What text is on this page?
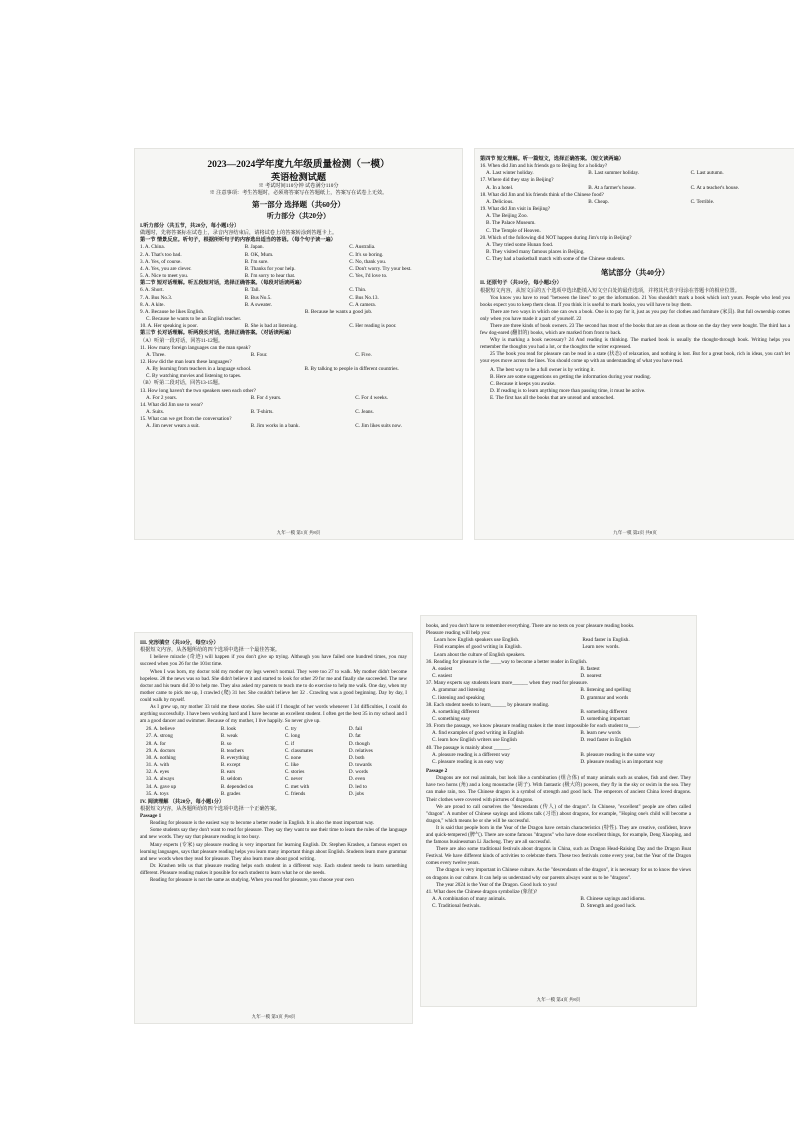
2023—2024学年度九年级质量检测（一模）
英语检测试题
※ 考试时间110分钟 试卷满分110分
※ 注意事项：考生答题时，必须将答案写在答题纸上，答案写在试卷上无效。
第一部分 选择题（共60分）
听力部分（共20分）
I.听力部分（共五节，共20分，每小题1分）
做题时，先将答案标在试卷上，录音内容结束后，请将试卷上的答案转涂到答题卡上。
第一节 情景反应。听句子，根据所听句子的内容选出适当的答语。（每个句子读一遍）
1. A. China.	B. Japan.	C. Australia.
2. A. That's too bad.	B. OK, Mum.	C. It's so boring.
3. A. Yes, of course.	B. I'm sure.	C. No, thank you.
4. A. Yes, you are clever.	B. Thanks for your help.	C. Don't worry. Try your best.
5. A. Nice to meet you.	B. I'm sorry to hear that.	C. Yes, I'd love to.
第二节 短对话理解。听五段短对话，选择正确答案。（每段对话读两遍）
6. A. Short.	B. Tall.	C. Thin.
7. A. Bus No.3.	B. Bus No.5.	C. Bus No.13.
8. A. A kite.	B. A sweater.	C. A camera.
9. A. Because he likes English.	B. Because he wants a good job.
C. Because he wants to be an English teacher.
10. A. Her speaking is poor.	B. She is bad at listening.	C. Her reading is poor.
第三节 长对话理解。听两段长对话，选择正确答案。（对话读两遍）
（A）听第一段对话，回答11-12题。
11. How many foreign languages can the man speak?
A. Three.	B. Four.	C. Five.
12. How did the man learn these languages?
A. By learning from teachers in a language school.	B. By talking to people in different countries.
C. By watching movies and listening to tapes.
（B）听第二段对话，回答13-15题。
13. How long haven't the two speakers seen each other?
A. For 2 years.	B. For 4 years.	C. For 4 weeks.
14. What did Jim use to wear?
A. Suits.	B. T-shirts.	C. Jeans.
15. What can we get from the conversation?
A. Jim never wears a suit.	B. Jim works in a bank.	C. Jim likes suits now.
九年一模 第1页 共8页
第四节 短文理解。听一篇短文，选择正确答案。（短文读两遍）
16. When did Jim and his friends go to Beijing for a holiday?
A. Last winter holiday.	B. Last summer holiday.	C. Last autumn.
17. Where did they stay in Beijing?
A. In a hotel.	B. At a farmer's house.	C. At a teacher's house.
18. What did Jim and his friends think of the Chinese food?
A. Delicious.	B. Cheap.	C. Terrible.
19. What did Jim visit in Beijing?
A. The Beijing Zoo.
B. The Palace Museum.
C. The Temple of Heaven.
20. Which of the following did NOT happen during Jim's trip in Beijing?
A. They tried some Hunan food.
B. They visited many famous places in Beijing.
C. They had a basketball match with some of the Chinese students.
笔试部分（共40分）
II. 还原句子（共10分，每小题2分）
根据短文内容，从短文后的五个选项中选出能填入短文空白处的最佳选项，并将其代表字母涂在答题卡的相应位置。
You know you have to read "between the lines" to get the information. 21 You shouldn't mark a book which isn't yours. People who lend you books expect you to keep them clean. If you think it is useful to mark books, you will have to buy them.
There are two ways in which one can own a book. One is to pay for it, just as you pay for clothes and furniture (家具). But full ownership comes only when you have made it a part of yourself. 22
There are three kinds of book owners. 23 The second has most of the books that are as clean as those on the day they were bought. The third has a few dog-eared (翻旧的) books, which are marked from front to back.
Why is marking a book necessary? 24 And reading is thinking. The marked book is usually the thought-through book. Writing helps you remember the thoughts you had a lot, or the thoughts the writer expressed.
25 The book you read for pleasure can be read in a state (状态) of relaxation, and nothing is lost. But for a great book, rich in ideas, you can't let your eyes move across the lines. You should come up with an understanding of what you have read.
A. The best way to be a full owner is by writing it.
B. Here are some suggestions on getting the information during your reading.
C. Because it keeps you awake.
D. If reading is to learn anything more than passing time, it must be active.
E. The first has all the books that are unread and untouched.
九年一模 第2页 共8页
III. 完形填空（共10分，每空1分）
根据短文内容，从各题所给的四个选项中选择一个最佳答案。
I believe miracle (奇迹) will happen if you don't give up trying. Although you have failed one hundred times, you may succeed when you 26 for the 101st time.
When I was born, my doctor told my mother my legs weren't normal. They were too 27 to walk. My mother didn't become hopeless. 28 the news was so bad. She didn't believe it and started to look for other 29 for me and finally she succeeded. The new doctor and his team did 30 to help me. They also asked my parents to teach me to do exercise to help me walk. One day, when my mother came to pick me up, I crawled (爬) 31 her. She couldn't believe her 32 . Crawling was a good beginning. Day by day, I could walk by myself.
As I grew up, my mother 33 told me these stories. She said if I thought of her words whenever I 34 difficulties, I could do anything successfully. I have been working hard and I have become an excellent student. I often get the best 35 in my school and I am a good dancer and swimmer. Because of my mother, I live happily. So never give up.
26. A. believe	B. look	C. try	D. fail
27. A. strong	B. weak	C. long	D. fat
28. A. for	B. so	C. if	D. though
29. A. doctors	B. teachers	C. classmates	D. relatives
30. A. nothing	B. everything	C. none	D. both
31. A. with	B. except	C. like	D. towards
32. A. eyes	B. ears	C. stories	D. words
33. A. always	B. seldom	C. never	D. even
34. A. gave up	B. depended on	C. met with	D. led to
35. A. toys	B. grades	C. friends	D. jobs
IV. 阅读理解 （共20分，每小题1分）
根据短文内容，从各题所给的四个选项中选择一个正确答案。
Passage 1
Reading for pleasure is the easiest way to become a better reader in English. It is also the most important way.
Some students say they don't want to read for pleasure. They say they want to use their time to learn the rules of the language and new words. They say that pleasure reading is too busy.
Many experts (专家) say pleasure reading is very important for learning English. Dr. Stephen Krashen, a famous expert on learning languages, says that pleasure reading helps you learn many important things about English. Students learn more grammar and new words when they read for pleasure. They also learn more about good writing.
Dr. Krashen tells us that pleasure reading helps each student in a different way. Each student needs to learn something different. Pleasure reading makes it possible for each student to learn what he or she needs.
Reading for pleasure is not the same as studying. When you read for pleasure, you choose your own
九年一模 第3页 共8页
books, and you don't have to remember everything. There are no tests on your pleasure reading books.
Pleasure reading will help you:
Learn how English speakers use English.	Read faster in English.
Find examples of good writing in English.	Learn new words.
Learn about the culture of English speakers.
36. Reading for pleasure is the ____way to become a better reader in English.
A. easiest	B. fastest
C. easiest	D. nearest
37. Many experts say students learn more______ when they read for pleasure.
A. grammar and listening	B. listening and spelling
C. listening and speaking	D. grammar and words
38. Each student needs to learn______ by pleasure reading.
A. something different	B. something different
C. something easy	D. something important
39. From the passage, we know pleasure reading makes it the most impossible for each student to____.
A. find examples of good writing in English	B. learn new words
C. learn how English writers use English	D. read faster in English
40. The passage is mainly about ______.
A. pleasure reading is a different way	B. pleasure reading is the same way
C. pleasure reading is an easy way	D. pleasure reading is an important way
Passage 2
Dragons are not real animals, but look like a combination (组合体) of many animals such as snakes, fish and deer. They have two horns (角) and a long moustache (胡子). With fantastic (极大的) powers, they fly in the sky or swim in the sea. They can make rain, too. The Chinese dragon is a symbol of strength and good luck. The emperors of ancient China loved dragons. Their clothes were covered with pictures of dragons.
We are proud to call ourselves the "descendants (传人) of the dragon". In Chinese, "excellent" people are often called "dragon". A number of Chinese sayings and idioms talk (习语) about dragons, for example, "Hoping one's child will become a dragon," which means he or she will be successful.
It is said that people born in the Year of the Dragon have certain characteristics (特性). They are creative, confident, brave and quick-tempered (脾气). There are some famous "dragons" who have done excellent things, for example, Deng Xiaoping, and the famous businessman Li Jiacheng. They are all successful.
There are also some traditional festivals about dragons in China, such as Dragon Head-Raising Day and the Dragon Boat Festival. We have different kinds of activities to celebrate them. These two festivals come every year, but the Year of the Dragon comes every twelve years.
The dragon is very important in Chinese culture. As the "descendants of the dragon", it is necessary for us to know the views on dragons in our culture. It can help us understand why our parents always want us to be "dragons".
The year 2024 is the Year of the Dragon. Good luck to you!
41. What does the Chinese dragon symbolize (象征)?
A. A combination of many animals.	B. Chinese sayings and idioms.
C. Traditional festivals.	D. Strength and good luck.
九年一模 第4页 共8页
